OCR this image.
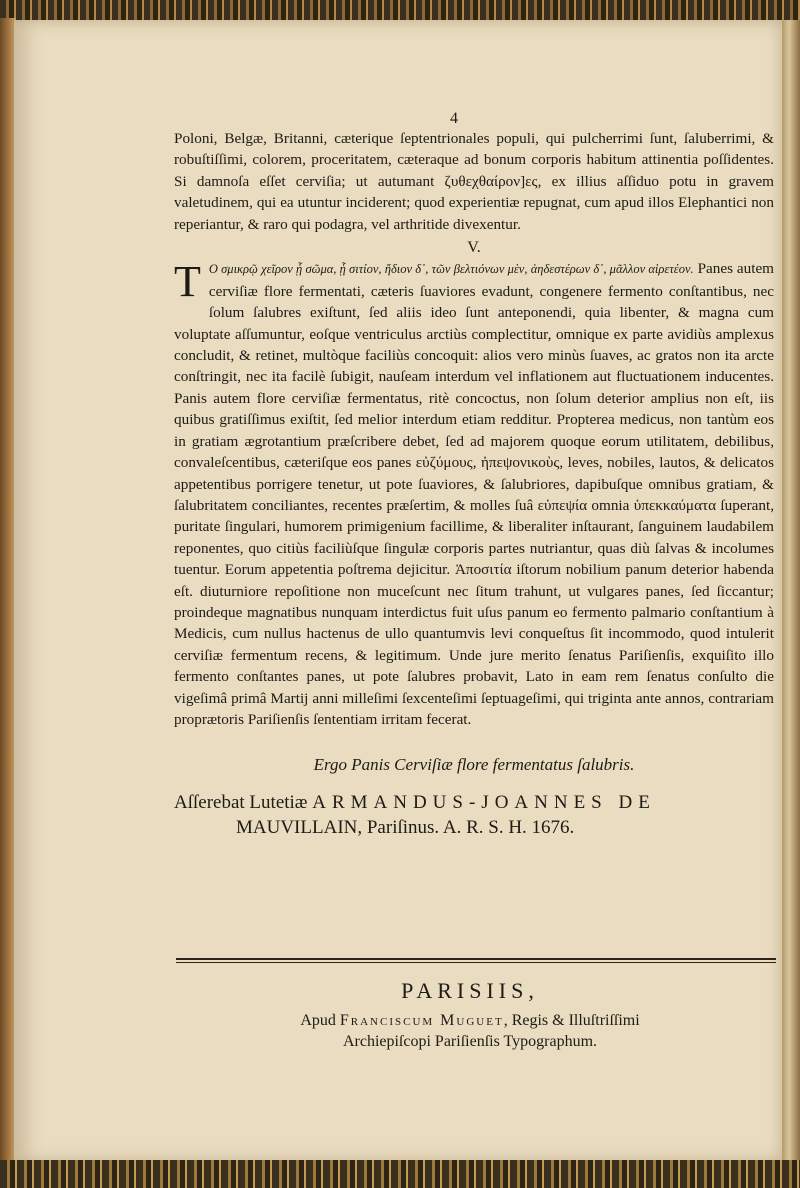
4

Poloni, Belgæ, Britanni, cæterique ſeptentrionales populi, qui pulcherrimi ſunt, ſaluberrimi, & robuſtiſſimi, colorem, proceritatem, cæteraque ad bonum corporis habitum attinentia poſſidentes. Si damnoſa eſſet cerviſia; ut autumant ζυθεχθαίρον]ες, ex illius aſſiduo potu in gravem valetudinem, qui ea utuntur inciderent; quod experientiæ repugnat, cum apud illos Elephantici non reperiantur, & raro qui podagra, vel arthritide divexentur.

V.

T Ο σμικρῷ χεῖρον ᾗ σῶμα, ᾗ σιτίον, ἤδιον δ᾿, τῶν βελτιόνων μὲν, ἀηδεστέρων δ᾿, μᾶλλον αἱρετέον. Panes autem cerviſiæ flore fermentati, cæteris ſuaviores evadunt, congenere fermento conſtantibus, nec ſolum ſalubres exiſtunt, ſed aliis ideo ſunt anteponendi, quia libenter, & magna cum voluptate aſſumuntur, eoſque ventriculus arctiùs complectitur, omnique ex parte avidiùs amplexus concludit, & retinet, multòque faciliùs concoquit: alios vero minùs ſuaves, ac gratos non ita arcte conſtringit, nec ita facilè ſubigit, nauſeam interdum vel inflationem aut fluctuationem inducentes. Panis autem flore cerviſiæ fermentatus, ritè concoctus, non ſolum deterior amplius non eſt, iis quibus gratiſſimus exiſtit, ſed melior interdum etiam redditur. Propterea medicus, non tantùm eos in gratiam ægrotantium præſcribere debet, ſed ad majorem quoque eorum utilitatem, debilibus, convaleſcentibus, cæteriſque eos panes εὐζύμους, ἠπεψονικοὺς, leves, nobiles, lautos, & delicatos appetentibus porrigere tenetur, ut pote ſuaviores, & ſalubriores, dapibuſque omnibus gratiam, & ſalubritatem conciliantes, recentes præſertim, & molles ſuâ εὐπεψία omnia ὑπεκκαύματα ſuperant, puritate ſingulari, humorem primigenium facillime, & liberaliter inſtaurant, ſanguinem laudabilem reponentes, quo citiùs faciliùſque ſingulæ corporis partes nutriantur, quas diù ſalvas & incolumes tuentur. Eorum appetentia poſtrema dejicitur. Ἀποσιτία iſtorum nobilium panum deterior habenda eſt. diuturniore repoſitione non muceſcunt nec ſitum trahunt, ut vulgares panes, ſed ſiccantur; proindeque magnatibus nunquam interdictus fuit uſus panum eo fermento palmario conſtantium à Medicis, cum nullus hactenus de ullo quantumvis levi conqueſtus ſit incommodo, quod intulerit cerviſiæ fermentum recens, & legitimum. Unde jure merito ſenatus Pariſienſis, exquiſito illo fermento conſtantes panes, ut pote ſalubres probavit, Lato in eam rem ſenatus conſulto die vigeſimâ primâ Martij anni milleſimi ſexcenteſimi ſeptuageſimi, qui triginta ante annos, contrariam proprætoris Pariſienſis ſententiam irritam fecerat.

Ergo Panis Cerviſiæ flore fermentatus ſalubris.

Aſſerebat Lutetiæ ARMANDUS-JOANNES DE

MAUVILLAIN, Pariſinus. A. R. S. H. 1676.

PARISIIS,

Apud Franciscum Muguet, Regis & Illuſtriſſimi

Archiepiſcopi Pariſienſis Typographum.
